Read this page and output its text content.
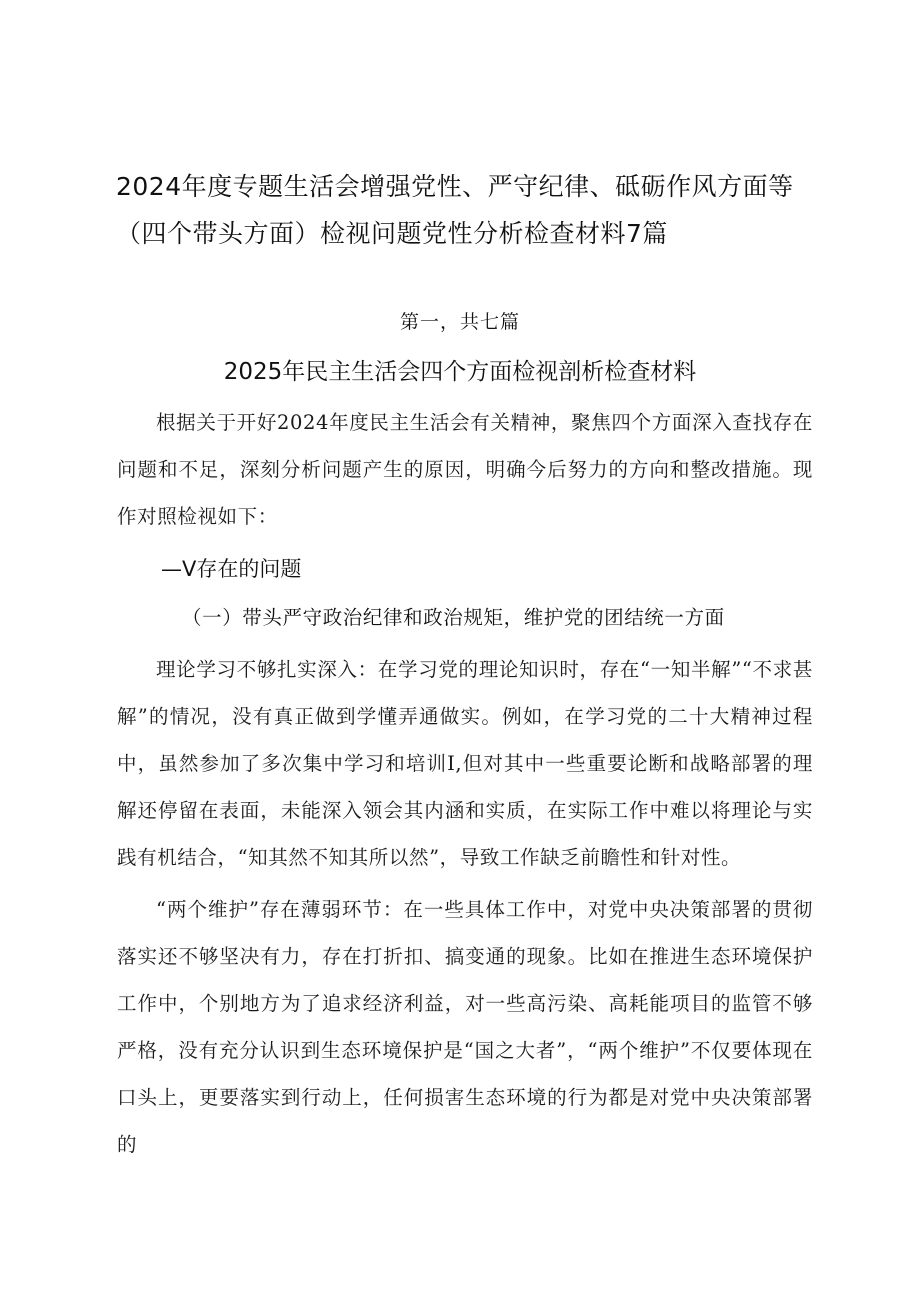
2024年度专题生活会增强党性、严守纪律、砥砺作风方面等（四个带头方面）检视问题党性分析检查材料7篇
第一，共七篇
2025年民主生活会四个方面检视剖析检查材料

根据关于开好2024年度民主生活会有关精神，聚焦四个方面深入查找存在问题和不足，深刻分析问题产生的原因，明确今后努力的方向和整改措施。现作对照检视如下：

—V存在的问题
（一）带头严守政治纪律和政治规矩，维护党的团结统一方面

理论学习不够扎实深入：在学习党的理论知识时，存在“一知半解”“不求甚解”的情况，没有真正做到学懂弄通做实。例如，在学习党的二十大精神过程中，虽然参加了多次集中学习和培训I,但对其中一些重要论断和战略部署的理解还停留在表面，未能深入领会其内涵和实质，在实际工作中难以将理论与实践有机结合，“知其然不知其所以然”，导致工作缺乏前瞻性和针对性。

“两个维护”存在薄弱环节：在一些具体工作中，对党中央决策部署的贯彻落实还不够坚决有力，存在打折扣、搞变通的现象。比如在推进生态环境保护工作中，个别地方为了追求经济利益，对一些高污染、高耗能项目的监管不够严格，没有充分认识到生态环境保护是“国之大者”，“两个维护”不仅要体现在口头上，更要落实到行动上，任何损害生态环境的行为都是对党中央决策部署的
